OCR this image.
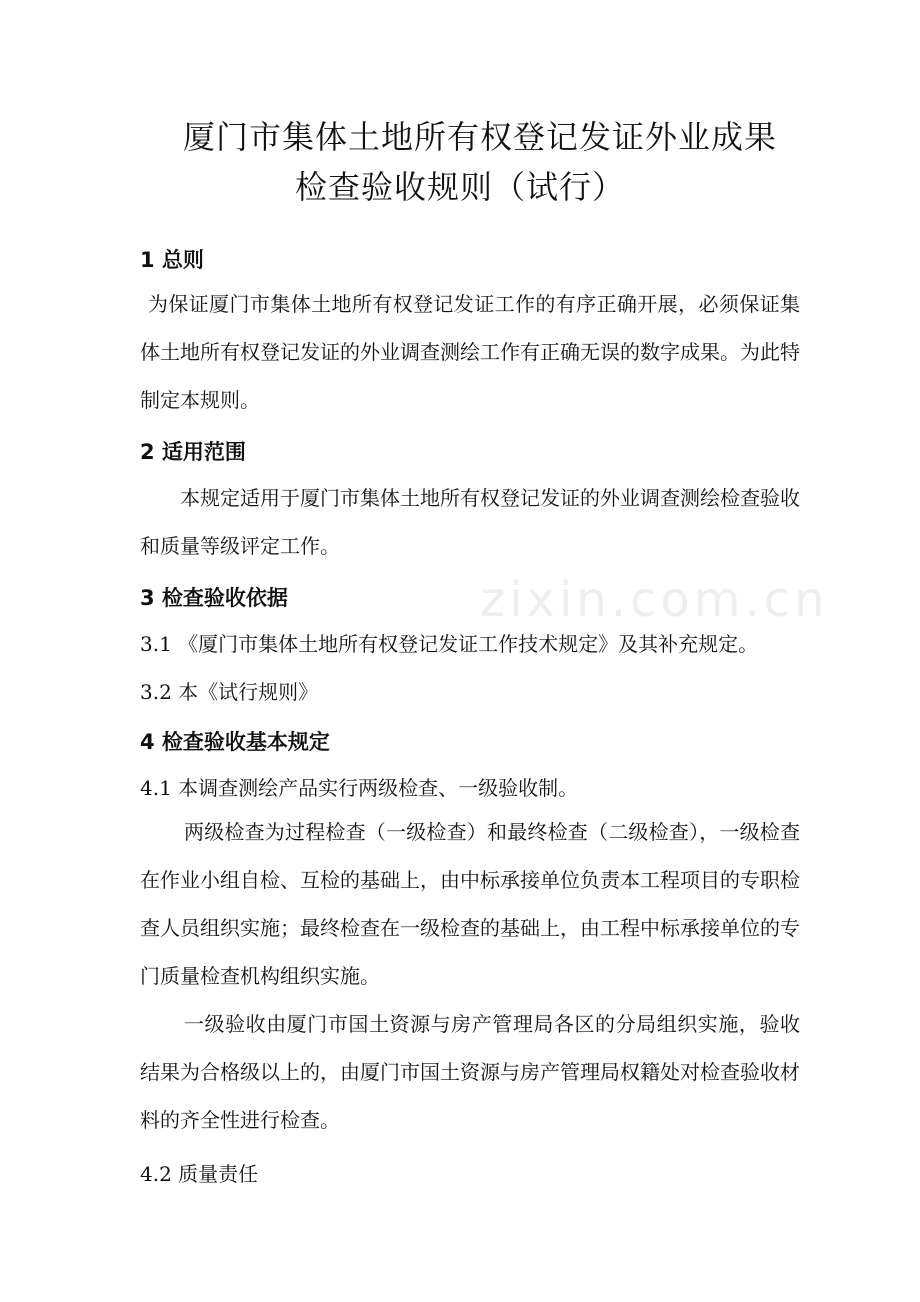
厦门市集体土地所有权登记发证外业成果
检查验收规则（试行）
1 总则
为保证厦门市集体土地所有权登记发证工作的有序正确开展，必须保证集体土地所有权登记发证的外业调查测绘工作有正确无误的数字成果。为此特制定本规则。
2 适用范围
本规定适用于厦门市集体土地所有权登记发证的外业调查测绘检查验收和质量等级评定工作。
3 检查验收依据
3.1 《厦门市集体土地所有权登记发证工作技术规定》及其补充规定。
3.2 本《试行规则》
4 检查验收基本规定
4.1 本调查测绘产品实行两级检查、一级验收制。
两级检查为过程检查（一级检查）和最终检查（二级检查），一级检查在作业小组自检、互检的基础上，由中标承接单位负责本工程项目的专职检查人员组织实施；最终检查在一级检查的基础上，由工程中标承接单位的专门质量检查机构组织实施。
一级验收由厦门市国土资源与房产管理局各区的分局组织实施，验收结果为合格级以上的，由厦门市国土资源与房产管理局权籍处对检查验收材料的齐全性进行检查。
4.2 质量责任
zixin.com.cn
